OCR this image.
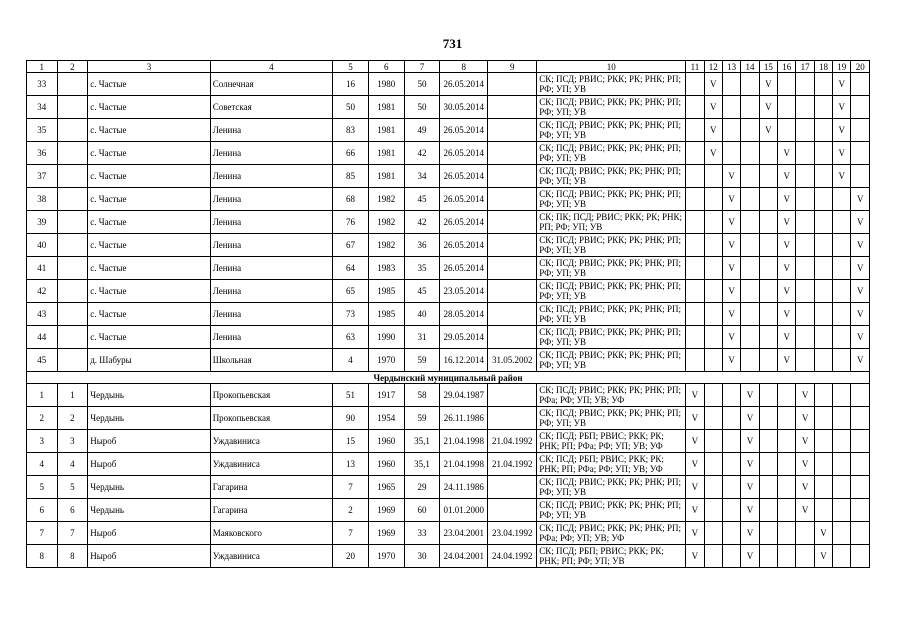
731
1	2	3	4	5	6	7	8	9	10	11	12	13	14	15	16	17	18	19	20
33		с. Частые	Солнечная	16	1980	50	26.05.2014		СК; ПСД; РВИС; РКК; РК; РНК; РП; РФ; УП; УВ		V			V				V	
34		с. Частые	Советская	50	1981	50	30.05.2014		СК; ПСД; РВИС; РКК; РК; РНК; РП; РФ; УП; УВ		V			V				V	
35		с. Частые	Ленина	83	1981	49	26.05.2014		СК; ПСД; РВИС; РКК; РК; РНК; РП; РФ; УП; УВ		V			V				V	
36		с. Частые	Ленина	66	1981	42	26.05.2014		СК; ПСД; РВИС; РКК; РК; РНК; РП; РФ; УП; УВ		V				V			V	
37		с. Частые	Ленина	85	1981	34	26.05.2014		СК; ПСД; РВИС; РКК; РК; РНК; РП; РФ; УП; УВ			V			V			V	
38		с. Частые	Ленина	68	1982	45	26.05.2014		СК; ПСД; РВИС; РКК; РК; РНК; РП; РФ; УП; УВ			V			V				V
39		с. Частые	Ленина	76	1982	42	26.05.2014		СК; ПК; ПСД; РВИС; РКК; РК; РНК; РП; РФ; УП; УВ			V			V				V
40		с. Частые	Ленина	67	1982	36	26.05.2014		СК; ПСД; РВИС; РКК; РК; РНК; РП; РФ; УП; УВ			V			V				V
41		с. Частые	Ленина	64	1983	35	26.05.2014		СК; ПСД; РВИС; РКК; РК; РНК; РП; РФ; УП; УВ			V			V				V
42		с. Частые	Ленина	65	1985	45	23.05.2014		СК; ПСД; РВИС; РКК; РК; РНК; РП; РФ; УП; УВ			V			V				V
43		с. Частые	Ленина	73	1985	40	28.05.2014		СК; ПСД; РВИС; РКК; РК; РНК; РП; РФ; УП; УВ			V			V				V
44		с. Частые	Ленина	63	1990	31	29.05.2014		СК; ПСД; РВИС; РКК; РК; РНК; РП; РФ; УП; УВ			V			V				V
45		д. Шабуры	Школьная	4	1970	59	16.12.2014	31.05.2002	СК; ПСД; РВИС; РКК; РК; РНК; РП; РФ; УП; УВ			V			V				V
Чердынский муниципальный район																			
1	1	Чердынь	Прокопьевская	51	1917	58	29.04.1987		СК; ПСД; РВИС; РКК; РК; РНК; РП; РФа; РФ; УП; УВ; УФ	V			V			V			
2	2	Чердынь	Прокопьевская	90	1954	59	26.11.1986		СК; ПСД; РВИС; РКК; РК; РНК; РП; РФ; УП; УВ	V			V			V			
3	3	Ныроб	Уждавиниса	15	1960	35,1	21.04.1998	21.04.1992	СК; ПСД; РБП; РВИС; РКК; РК; РНК; РП; РФа; РФ; УП; УВ; УФ	V			V			V			
4	4	Ныроб	Уждавиниса	13	1960	35,1	21.04.1998	21.04.1992	СК; ПСД; РБП; РВИС; РКК; РК; РНК; РП; РФа; РФ; УП; УВ; УФ	V			V			V			
5	5	Чердынь	Гагарина	7	1965	29	24.11.1986		СК; ПСД; РВИС; РКК; РК; РНК; РП; РФ; УП; УВ	V			V			V			
6	6	Чердынь	Гагарина	2	1969	60	01.01.2000		СК; ПСД; РВИС; РКК; РК; РНК; РП; РФ; УП; УВ	V			V			V			
7	7	Ныроб	Маяковского	7	1969	33	23.04.2001	23.04.1992	СК; ПСД; РВИС; РКК; РК; РНК; РП; РФа; РФ; УП; УВ; УФ	V			V				V		
8	8	Ныроб	Уждавиниса	20	1970	30	24.04.2001	24.04.1992	СК; ПСД; РБП; РВИС; РКК; РК; РНК; РП; РФ; УП; УВ	V			V				V		
